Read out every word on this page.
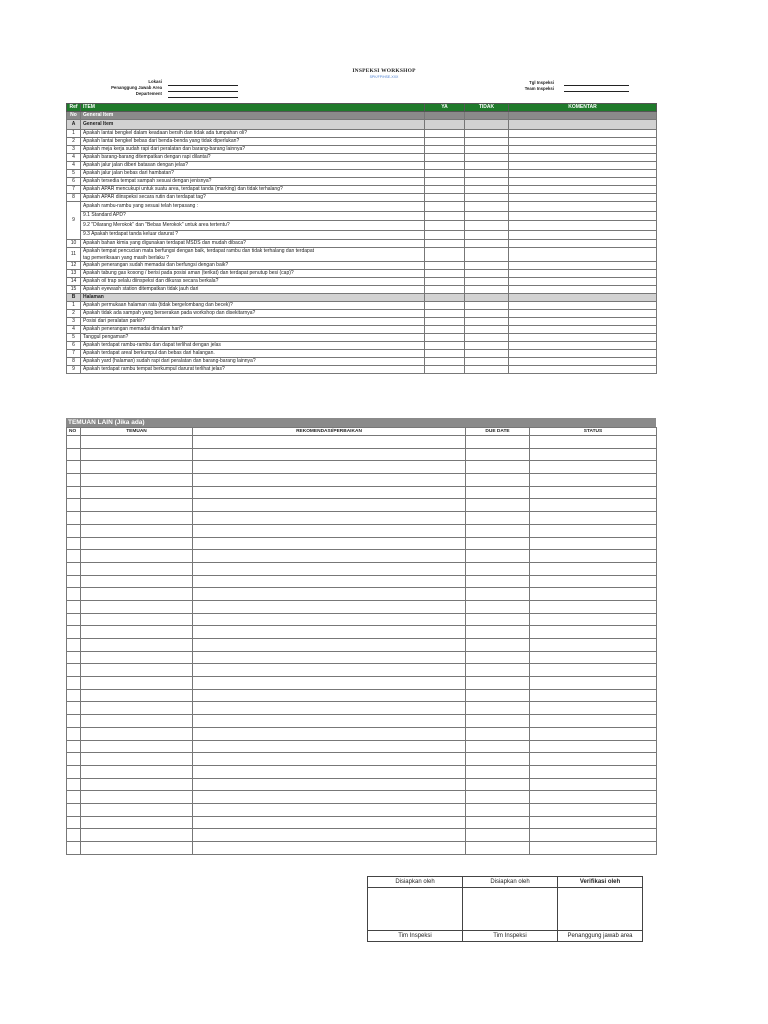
INSPEKSI WORKSHOP
SPK/FP/HSE-XXX
Lokasi
Penanggung Jawab Area
Departement
Tgl Inspeksi
Team Inspeksi
Ref	ITEM	YA	TIDAK	KOMENTAR
No	General Item			
A	General Item			
1	Apakah lantai bengkel dalam keadaan bersih dan tidak ada tumpahan oli?			
2	Apakah lantai bengkel bebas dari benda-benda yang tidak diperlukan?			
3	Apakah meja kerja sudah rapi dari peralatan dan barang-barang lainnya?			
4	Apakah barang-barang ditempatkan dengan rapi dilantai?			
4	Apakah jalur jalan diberi batasan dengan jelas?			
5	Apakah jalur jalan bebas dari hambatan?			
6	Apakah tersedia tempat sampah sesuai dengan jenisnya?			
7	Apakah APAR mencukupi untuk suatu area, terdapat tanda (marking) dan tidak terhalang?			
8	Apakah APAR diinspeksi secara rutin dan terdapat tag?			
9	Apakah rambu-rambu yang sesuai telah terpasang :			
	9.1 Standard APD?			
	9.2 "Dilarang Merokok" dan "Bebas Merokok" untuk area tertentu?			
	9.3 Apakah terdapat tanda keluar darurat ?			
10	Apakah bahan kimia yang digunakan terdapat MSDS dan mudah dibaca?			
11	Apakah tempat pencucian mata berfungsi dengan baik, terdapat rambu dan tidak terhalang dan terdapat
tag pemeriksaan yang masih berlaku ?			

12	Apakah penerangan sudah memadai dan berfungsi dengan baik?			
13	Apakah tabung gas kosong / berisi pada posisi aman (terikat) dan terdapat penutup besi (cap)?			
14	Apakah oil trap selalu diinspeksi dan dikuras secara berkala?			
15	Apakah eyewash station ditempatkan tidak jauh dari			
B	Halaman			
1	Apakah permukaan halaman rata (tidak bergelombang dan becek)?			
2	Apakah tidak ada sampah yang berserakan pada workshop dan disekitarnya?			
3	Posisi dari peralatan parkir?			
4	Apakah penerangan memadai dimalam hari?			
5	Tanggul pengaman?			
6	Apakah terdapat rambu-rambu dan dapat terlihat dengan jelas			
7	Apakah terdapat areal berkumpul dan bebas dari halangan.			
8	Apakah yard (halaman) sudah rapi dari peralatan dan barang-barang lainnya?			
9	Apakah terdapat rambu tempat berkumpul darurat terlihat jelas?			
TEMUAN LAIN (Jika ada)
NO	TEMUAN	REKOMENDASI/PERBAIKAN	DUE DATE	STATUS

Disiapkan oleh	Disiapkan oleh	Verifikasi oleh

Tim Inspeksi	Tim Inspeksi	Penanggung jawab area
